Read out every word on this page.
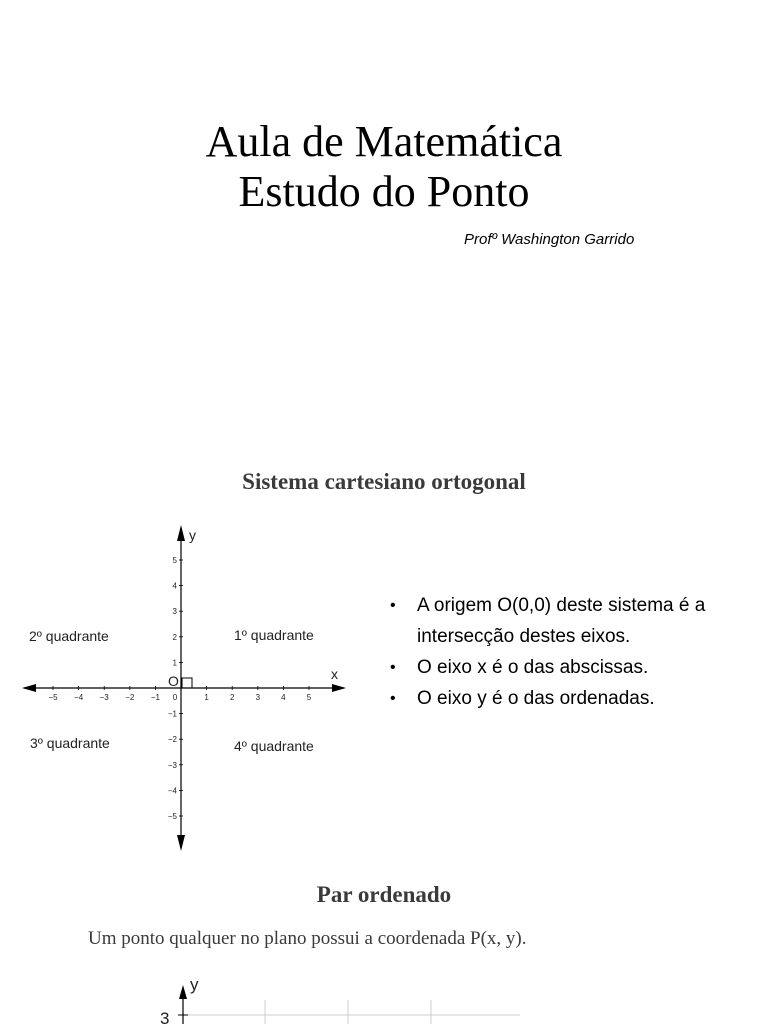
Aula de Matemática
Estudo do Ponto
Profº Washington Garrido
Sistema cartesiano ortogonal
−5 −4 −3 −2 −1 0	1	2	3	4	5
5
4
3
2
1
−1
−2
−3
−4
−5
x
y
O
1º quadrante
2º quadrante
3º quadrante	4º quadrante
y
3
• A origem O(0,0) deste sistema é a intersecção destes eixos.
• O eixo x é o das abscissas.
• O eixo y é o das ordenadas.
Par ordenado
Um ponto qualquer no plano possui a coordenada P(x, y).
